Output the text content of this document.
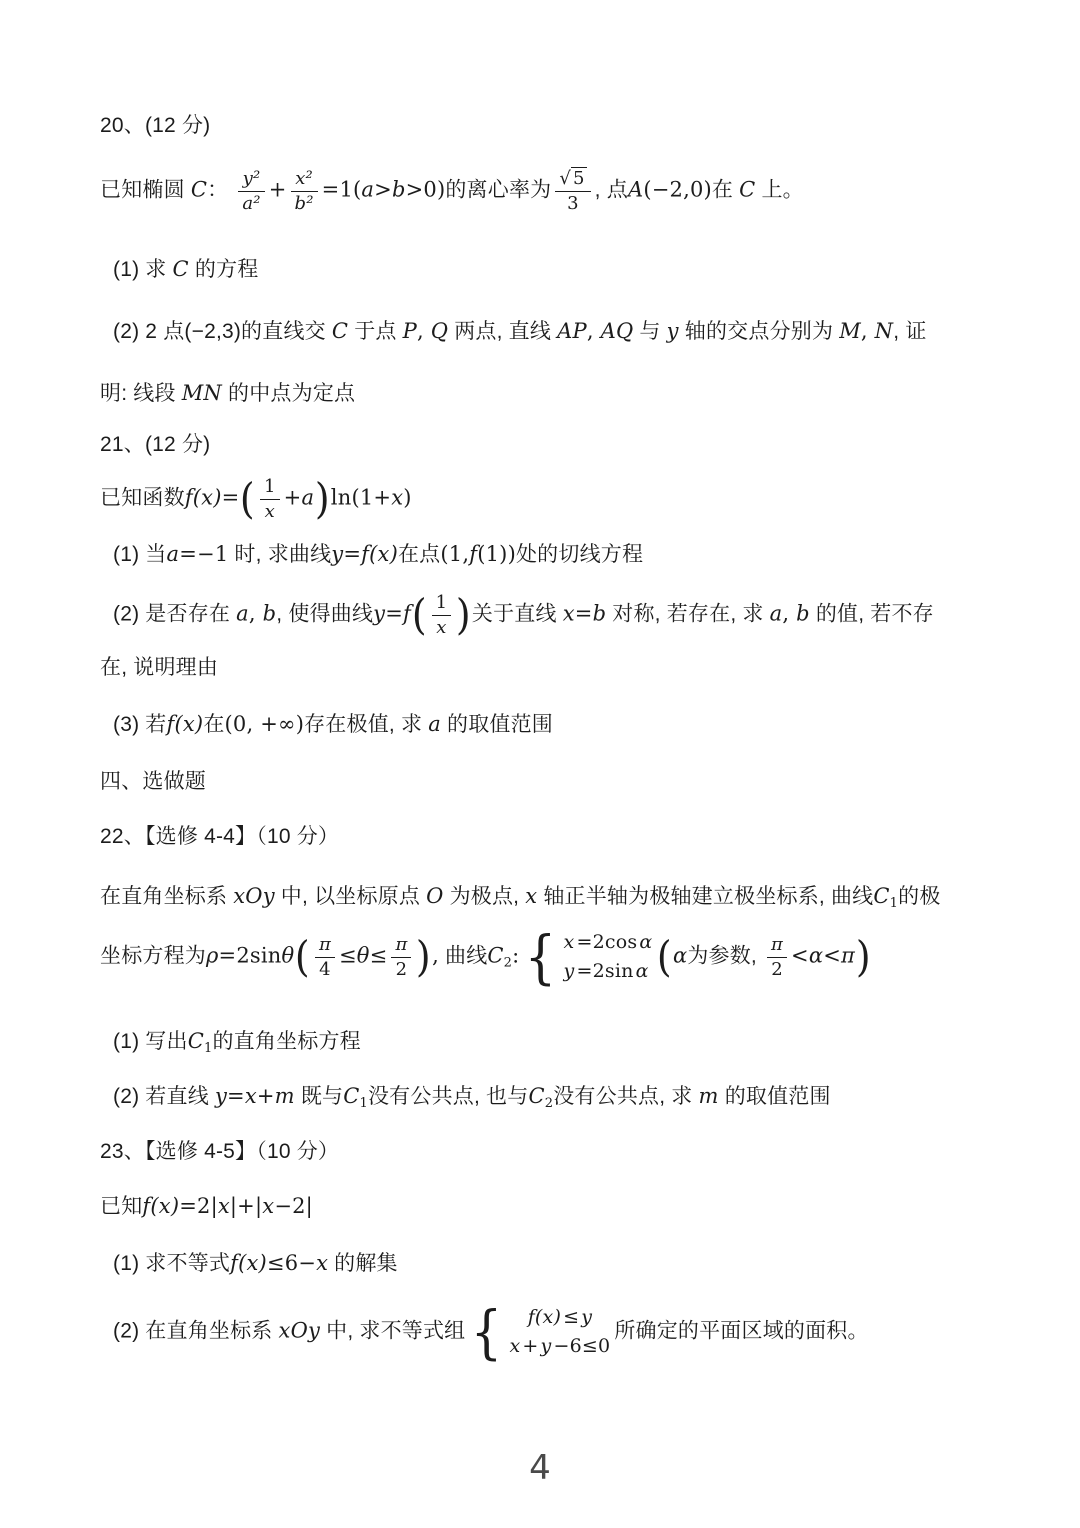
20、(12 分)
已知椭圆 C： $\frac{\text{y²}}{\text{a²}} + \frac{\text{x²}}{\text{b²}} =1(a>b>0)$的离心率为 $\frac{√ 5}{3}$ , 点A(−2,0)在 C 上。
(1) 求 C 的方程
(2) 2 点(−2,3)的直线交 C 于点 P, Q 两点, 直线 AP, AQ 与 y 轴的交点分别为 M, N, 证
明: 线段 MN 的中点为定点
21、(12 分)
已知函数$f(x)=( \frac{1}{x} +a)\ln(1+x)$
(1) 当a=−1 时, 求曲线y=f(x)在点(1,f(1))处的切线方程
(2) 是否存在 a, b, 使得曲线$y=f( \frac{1}{x}$ )关于直线 x=b 对称, 若存在, 求 a, b 的值, 若不存
在, 说明理由
(3) 若f(x)在(0, +∞)存在极值, 求 a 的取值范围
四、选做题
22、【选修 4-4】（10 分）
在直角坐标系 xOy 中, 以坐标原点 O 为极点, x 轴正半轴为极轴建立极坐标系, 曲线C1的极
坐标方程为$\rho=2\sin\theta( \frac{\pi}{4} \le\theta\le \frac{\pi}{2}$ ), 曲线C2: { x =2cos α
y =2sin α (α为参数, $\frac{\pi}{2} <\alpha<\pi$)
(1) 写出C1的直角坐标方程
(2) 若直线 y=x+m 既与C1没有公共点, 也与C2没有公共点, 求 m 的取值范围
23、【选修 4-5】（10 分）
已知f(x)=2|x|+|x−2|
(1) 求不等式f(x)≤6−x 的解集
(2) 在直角坐标系 xOy 中, 求不等式组 {	f(x) ≤ y
x + y −6≤0
所确定的平面区域的面积。
4
